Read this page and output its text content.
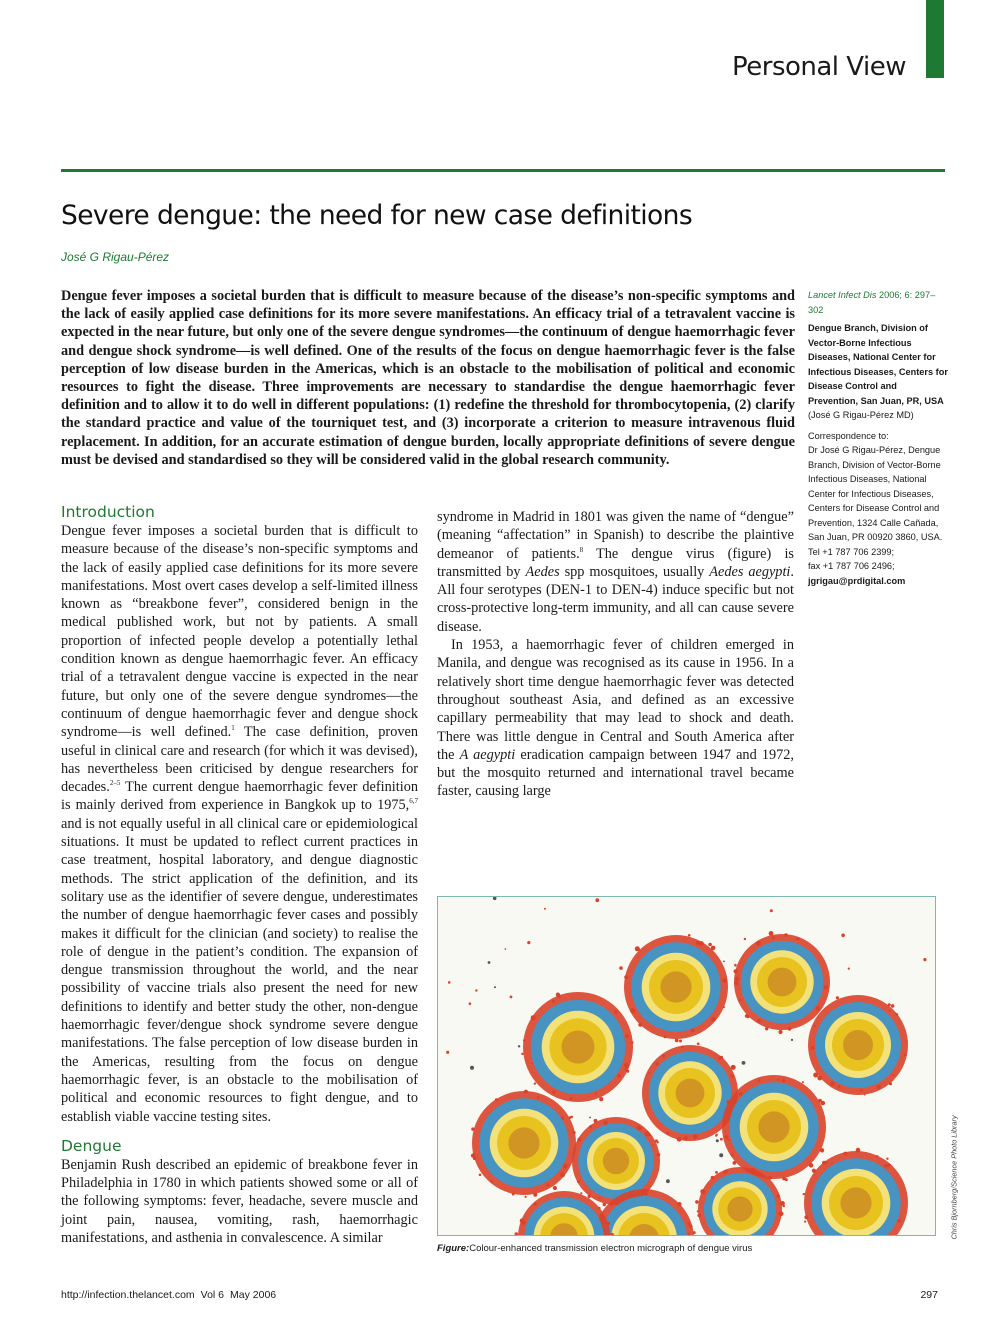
Personal View
Severe dengue: the need for new case definitions
José G Rigau-Pérez

Dengue fever imposes a societal burden that is difficult to measure because of the disease’s non-specific symptoms and the lack of easily applied case definitions for its more severe manifestations. An efficacy trial of a tetravalent vaccine is expected in the near future, but only one of the severe dengue syndromes—the continuum of dengue haemorrhagic fever and dengue shock syndrome—is well defined. One of the results of the focus on dengue haemorrhagic fever is the false perception of low disease burden in the Americas, which is an obstacle to the mobilisation of political and economic resources to fight the disease. Three improvements are necessary to standardise the dengue haemorrhagic fever definition and to allow it to do well in different populations: (1) redefine the threshold for thrombocytopenia, (2) clarify the standard practice and value of the tourniquet test, and (3) incorporate a criterion to measure intravenous fluid replacement. In addition, for an accurate estimation of dengue burden, locally appropriate definitions of severe dengue must be devised and standardised so they will be considered valid in the global research community.

Introduction

Dengue fever imposes a societal burden that is difficult to measure because of the disease’s non-specific symptoms and the lack of easily applied case definitions for its more severe manifestations. Most overt cases develop a self-limited illness known as “breakbone fever”, considered benign in the medical published work, but not by patients. A small proportion of infected people develop a potentially lethal condition known as dengue haemorrhagic fever. An efficacy trial of a tetravalent dengue vaccine is expected in the near future, but only one of the severe dengue syndromes—the continuum of dengue haemorrhagic fever and dengue shock syndrome—is well defined.$^1$ The case definition, proven useful in clinical care and research (for which it was devised), has nevertheless been criticised by dengue researchers for decades.$^{2-5}$ The current dengue haemorrhagic fever definition is mainly derived from experience in Bangkok up to 1975,$^{6,7}$ and is not equally useful in all clinical care or epidemiological situations. It must be updated to reflect current practices in case treatment, hospital laboratory, and dengue diagnostic methods. The strict application of the definition, and its solitary use as the identifier of severe dengue, underestimates the number of dengue haemorrhagic fever cases and possibly makes it difficult for the clinician (and society) to realise the role of dengue in the patient’s condition. The expansion of dengue transmission throughout the world, and the near possibility of vaccine trials also present the need for new definitions to identify and better study the other, non-dengue haemorrhagic fever/dengue shock syndrome severe dengue manifestations. The false perception of low disease burden in the Americas, resulting from the focus on dengue haemorrhagic fever, is an obstacle to the mobilisation of political and economic resources to fight dengue, and to establish viable vaccine testing sites.

Dengue

Benjamin Rush described an epidemic of breakbone fever in Philadelphia in 1780 in which patients showed some or all of the following symptoms: fever, headache, severe muscle and joint pain, nausea, vomiting, rash, haemorrhagic manifestations, and asthenia in convalescence. A similar

syndrome in Madrid in 1801 was given the name of “dengue” (meaning “affectation” in Spanish) to describe the plaintive demeanor of patients.$^8$ The dengue virus (figure) is transmitted by Aedes spp mosquitoes, usually Aedes aegypti. All four serotypes (DEN-1 to DEN-4) induce specific but not cross-protective long-term immunity, and all can cause severe disease.

In 1953, a haemorrhagic fever of children emerged in Manila, and dengue was recognised as its cause in 1956. In a relatively short time dengue haemorrhagic fever was detected throughout southeast Asia, and defined as an excessive capillary permeability that may lead to shock and death. There was little dengue in Central and South America after the A aegypti eradication campaign between 1947 and 1972, but the mosquito returned and international travel became faster, causing large

Lancet Infect Dis 2006; 6: 297–302

Dengue Branch, Division of Vector-Borne Infectious Diseases, National Center for Infectious Diseases, Centers for Disease Control and Prevention, San Juan, PR, USA
(José G Rigau-Pérez MD)

Correspondence to:

Dr José G Rigau-Pérez, Dengue Branch, Division of Vector-Borne Infectious Diseases, National Center for Infectious Diseases, Centers for Disease Control and Prevention, 1324 Calle Cañada, San Juan, PR 00920 3860, USA.

Tel +1 787 706 2399;

fax +1 787 706 2496;

jgrigau@prdigital.com

Chris Bjornberg/Science Photo Library
Figure:Colour-enhanced transmission electron micrograph of dengue virus
http://infection.thelancet.com Vol 6 May 2006	297
